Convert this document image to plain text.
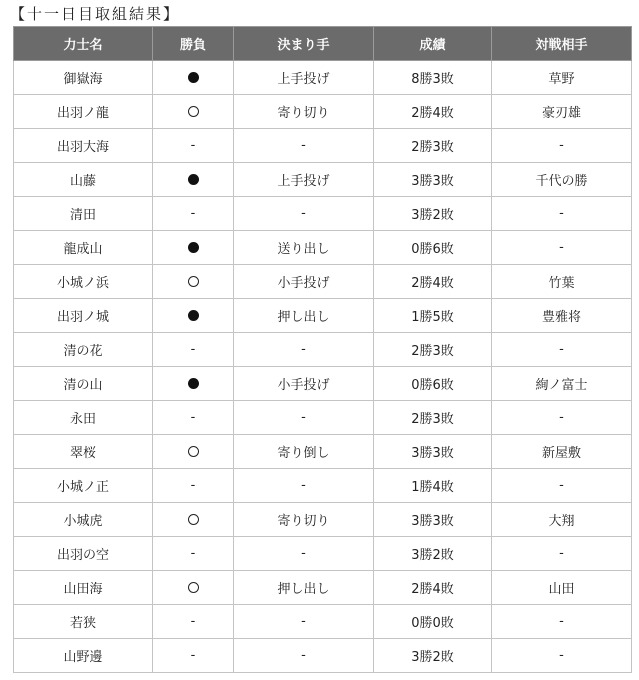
【十一日目取組結果】
力士名	勝負	決まり手	成績	対戦相手
御嶽海		上手投げ	8勝3敗	草野
出羽ノ龍		寄り切り	2勝4敗	豪刃雄
出羽大海	-	-	2勝3敗	-
山藤		上手投げ	3勝3敗	千代の勝
清田	-	-	3勝2敗	-
龍成山		送り出し	0勝6敗	-
小城ノ浜		小手投げ	2勝4敗	竹葉
出羽ノ城		押し出し	1勝5敗	豊雅将
清の花	-	-	2勝3敗	-
清の山		小手投げ	0勝6敗	絢ノ富士
永田	-	-	2勝3敗	-
翠桜		寄り倒し	3勝3敗	新屋敷
小城ノ正	-	-	1勝4敗	-
小城虎		寄り切り	3勝3敗	大翔
出羽の空	-	-	3勝2敗	-
山田海		押し出し	2勝4敗	山田
若狭	-	-	0勝0敗	-
山野邊	-	-	3勝2敗	-
